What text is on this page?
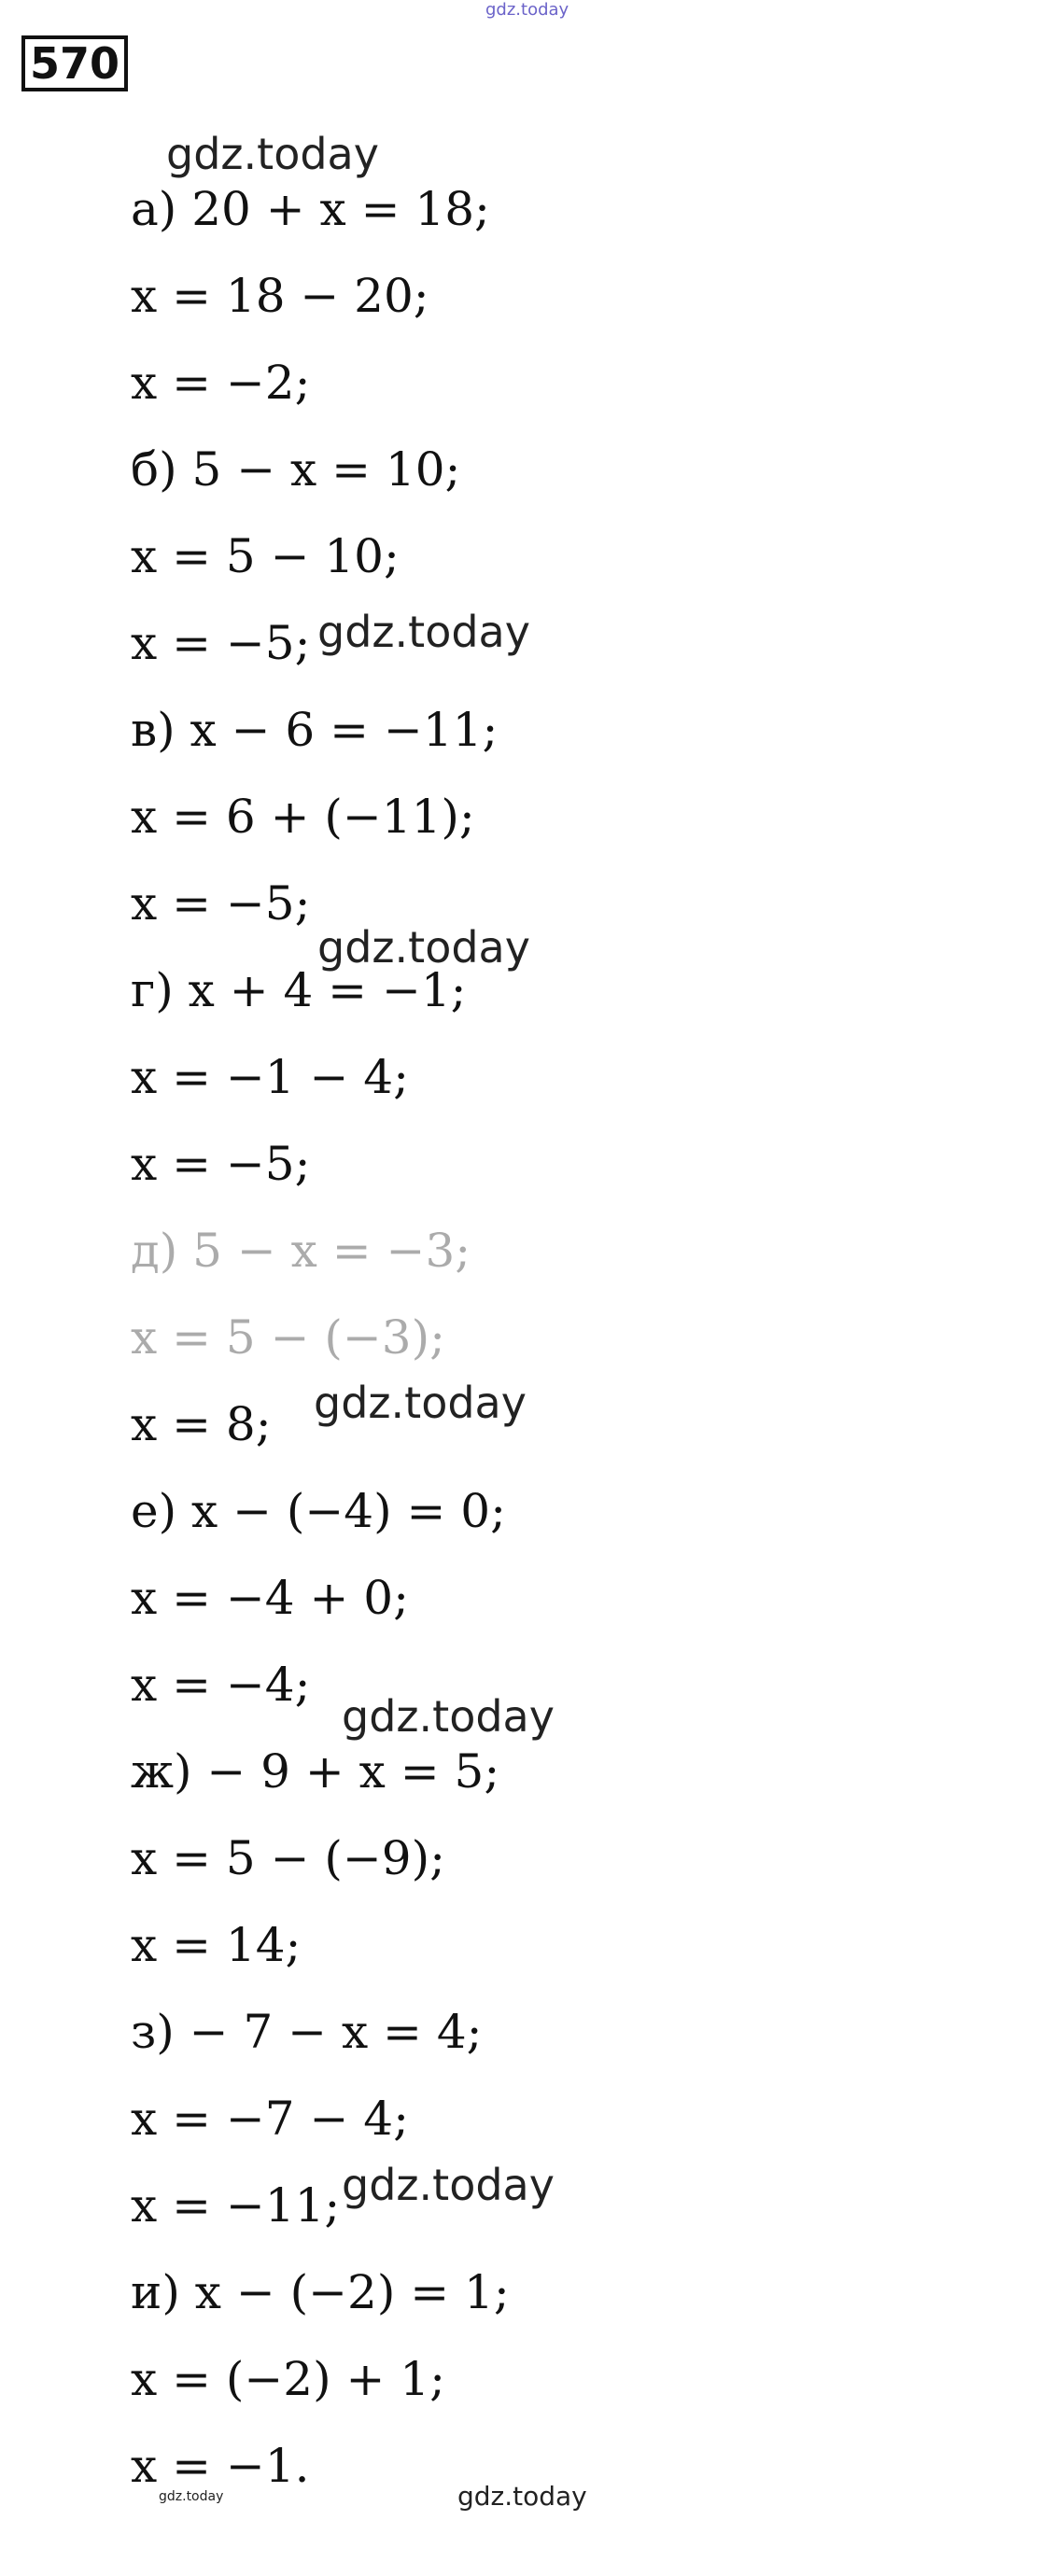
gdz.today
570
а) 20 + x = 18;
x = 18 − 20;
x = −2;
б) 5 − x = 10;
x = 5 − 10;
x = −5;
в) x − 6 = −11;
x = 6 + (−11);
x = −5;
г) x + 4 = −1;
x = −1 − 4;
x = −5;
д) 5 − x = −3;
x = 5 − (−3);
x = 8;
е) x − (−4) = 0;
x = −4 + 0;
x = −4;
ж) − 9 + x = 5;
x = 5 − (−9);
x = 14;
з) − 7 − x = 4;
x = −7 − 4;
x = −11;
и) x − (−2) = 1;
x = (−2) + 1;
x = −1.
gdz.today
gdz.today
gdz.today
gdz.today
gdz.today
gdz.today
gdz.today
gdz.today
